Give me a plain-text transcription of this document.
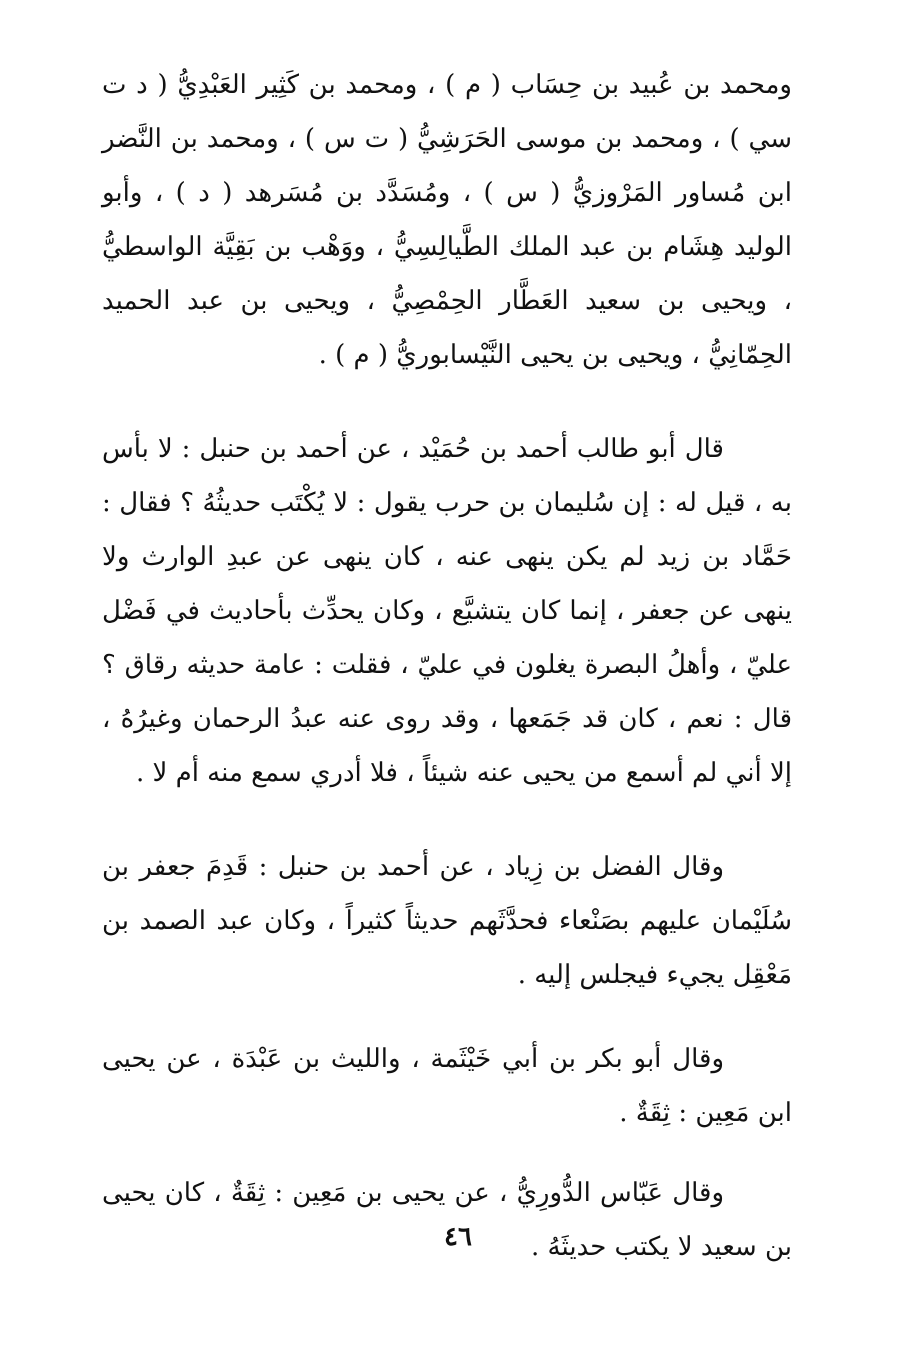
ومحمد بن عُبيد بن حِسَاب ( م ) ، ومحمد بن كَثِير العَبْدِيُّ ( د ت سي ) ، ومحمد بن موسى الحَرَشِيُّ ( ت س ) ، ومحمد بن النَّضر ابن مُساور المَرْوزيُّ ( س ) ، ومُسَدَّد بن مُسَرهد ( د ) ، وأبو الوليد هِشَام بن عبد الملك الطَّيالِسِيُّ ، ووَهْب بن بَقِيَّة الواسطيُّ ، ويحيى بن سعيد العَطَّار الحِمْصِيُّ ، ويحيى بن عبد الحميد الحِمّانِيُّ ، ويحيى بن يحيى النَّيْسابوريُّ ( م ) .

قال أبو طالب أحمد بن حُمَيْد ، عن أحمد بن حنبل : لا بأس به ، قيل له : إن سُليمان بن حرب يقول : لا يُكْتَب حديثُهُ ؟ فقال : حَمَّاد بن زيد لم يكن ينهى عنه ، كان ينهى عن عبدِ الوارث ولا ينهى عن جعفر ، إنما كان يتشيَّع ، وكان يحدِّث بأحاديث في فَضْل عليّ ، وأهلُ البصرة يغلون في عليّ ، فقلت : عامة حديثه رقاق ؟ قال : نعم ، كان قد جَمَعها ، وقد روى عنه عبدُ الرحمان وغيرُهُ ، إلا أني لم أسمع من يحيى عنه شيئاً ، فلا أدري سمع منه أم لا .

وقال الفضل بن زِياد ، عن أحمد بن حنبل : قَدِمَ جعفر بن سُلَيْمان عليهم بصَنْعاء فحدَّثَهم حديثاً كثيراً ، وكان عبد الصمد بن مَعْقِل يجيء فيجلس إليه .

وقال أبو بكر بن أبي خَيْثَمة ، والليث بن عَبْدَة ، عن يحيى ابن مَعِين : ثِقَةٌ .

وقال عَبّاس الدُّورِيُّ ، عن يحيى بن مَعِين : ثِقَةٌ ، كان يحيى بن سعيد لا يكتب حديثَهُ .

٤٦
